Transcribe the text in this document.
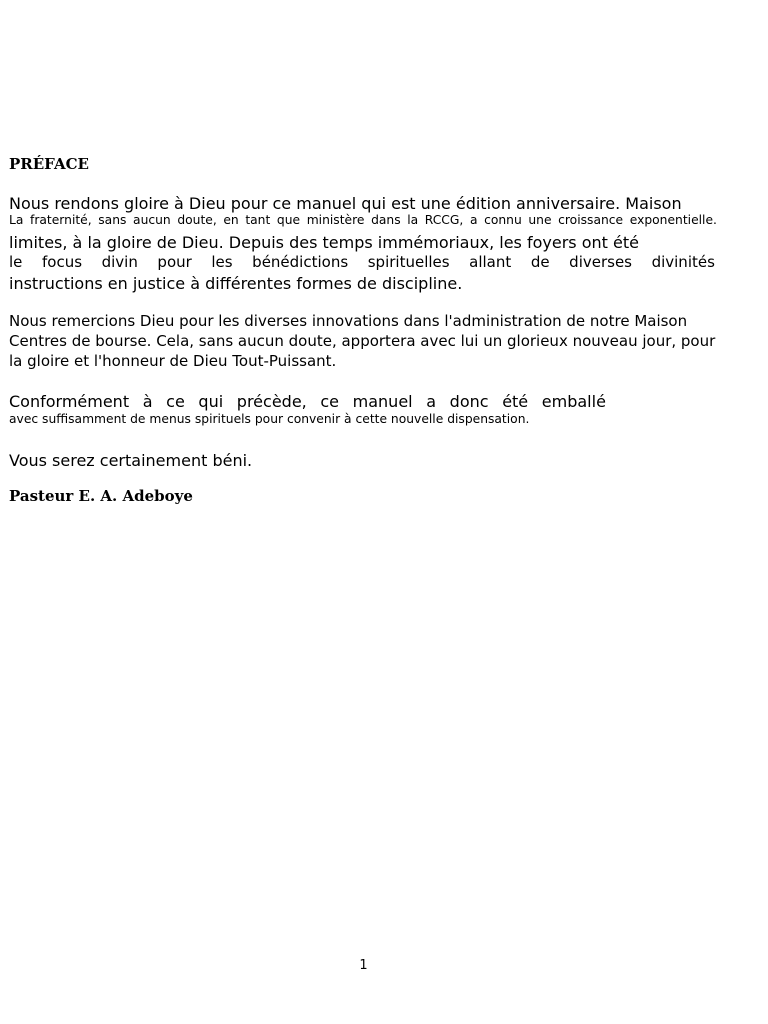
PRÉFACE
Nous rendons gloire à Dieu pour ce manuel qui est une édition anniversaire. Maison
La fraternité, sans aucun doute, en tant que ministère dans la RCCG, a connu une croissance exponentielle.
limites, à la gloire de Dieu. Depuis des temps immémoriaux, les foyers ont été
le focus divin pour les bénédictions spirituelles allant de diverses divinités
instructions en justice à différentes formes de discipline.
Nous remercions Dieu pour les diverses innovations dans l'administration de notre Maison
Centres de bourse. Cela, sans aucun doute, apportera avec lui un glorieux nouveau jour, pour
la gloire et l'honneur de Dieu Tout-Puissant.
Conformément à ce qui précède, ce manuel a donc été emballé
avec suffisamment de menus spirituels pour convenir à cette nouvelle dispensation.
Vous serez certainement béni.
Pasteur E. A. Adeboye
1
